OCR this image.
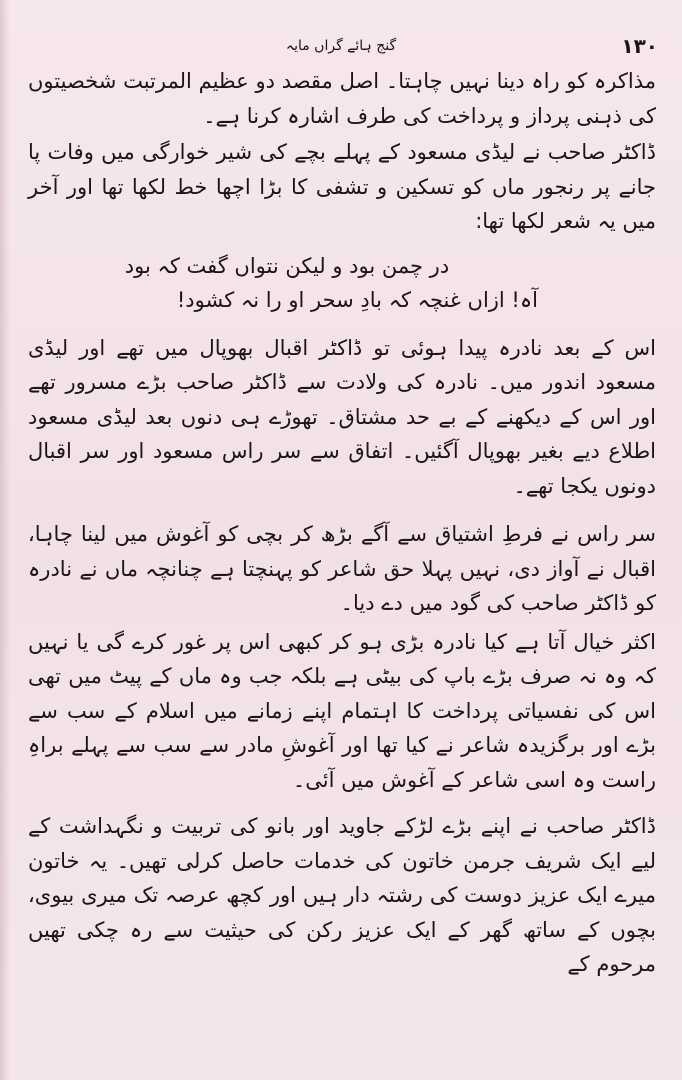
۱۳۰
گنج ہائے گراں مایہ

مذاکرہ کو راہ دینا نہیں چاہتا۔ اصل مقصد دو عظیم المرتبت شخصیتوں کی ذہنی پرداز و پرداخت کی طرف اشارہ کرنا ہے۔

ڈاکٹر صاحب نے لیڈی مسعود کے پہلے بچے کی شیر خوارگی میں وفات پا جانے پر رنجور ماں کو تسکین و تشفی کا بڑا اچھا خط لکھا تھا اور آخر میں یہ شعر لکھا تھا:

در چمن بود و لیکن نتواں گفت کہ بود
آہ! ازاں غنچہ کہ بادِ سحر او را نہ کشود!

اس کے بعد نادرہ پیدا ہوئی تو ڈاکٹر اقبال بھوپال میں تھے اور لیڈی مسعود اندور میں۔ نادرہ کی ولادت سے ڈاکٹر صاحب بڑے مسرور تھے اور اس کے دیکھنے کے بے حد مشتاق۔ تھوڑے ہی دنوں بعد لیڈی مسعود اطلاع دیے بغیر بھوپال آگئیں۔ اتفاق سے سر راس مسعود اور سر اقبال دونوں یکجا تھے۔

سر راس نے فرطِ اشتیاق سے آگے بڑھ کر بچی کو آغوش میں لینا چاہا، اقبال نے آواز دی، نہیں پہلا حق شاعر کو پہنچتا ہے چنانچہ ماں نے نادرہ کو ڈاکٹر صاحب کی گود میں دے دیا۔

اکثر خیال آتا ہے کیا نادرہ بڑی ہو کر کبھی اس پر غور کرے گی یا نہیں کہ وہ نہ صرف بڑے باپ کی بیٹی ہے بلکہ جب وہ ماں کے پیٹ میں تھی اس کی نفسیاتی پرداخت کا اہتمام اپنے زمانے میں اسلام کے سب سے بڑے اور برگزیدہ شاعر نے کیا تھا اور آغوشِ مادر سے سب سے پہلے براہِ راست وہ اسی شاعر کے آغوش میں آئی۔

ڈاکٹر صاحب نے اپنے بڑے لڑکے جاوید اور بانو کی تربیت و نگہداشت کے لیے ایک شریف جرمن خاتون کی خدمات حاصل کرلی تھیں۔ یہ خاتون میرے ایک عزیز دوست کی رشتہ دار ہیں اور کچھ عرصہ تک میری بیوی، بچوں کے ساتھ گھر کے ایک عزیز رکن کی حیثیت سے رہ چکی تھیں مرحوم کے
